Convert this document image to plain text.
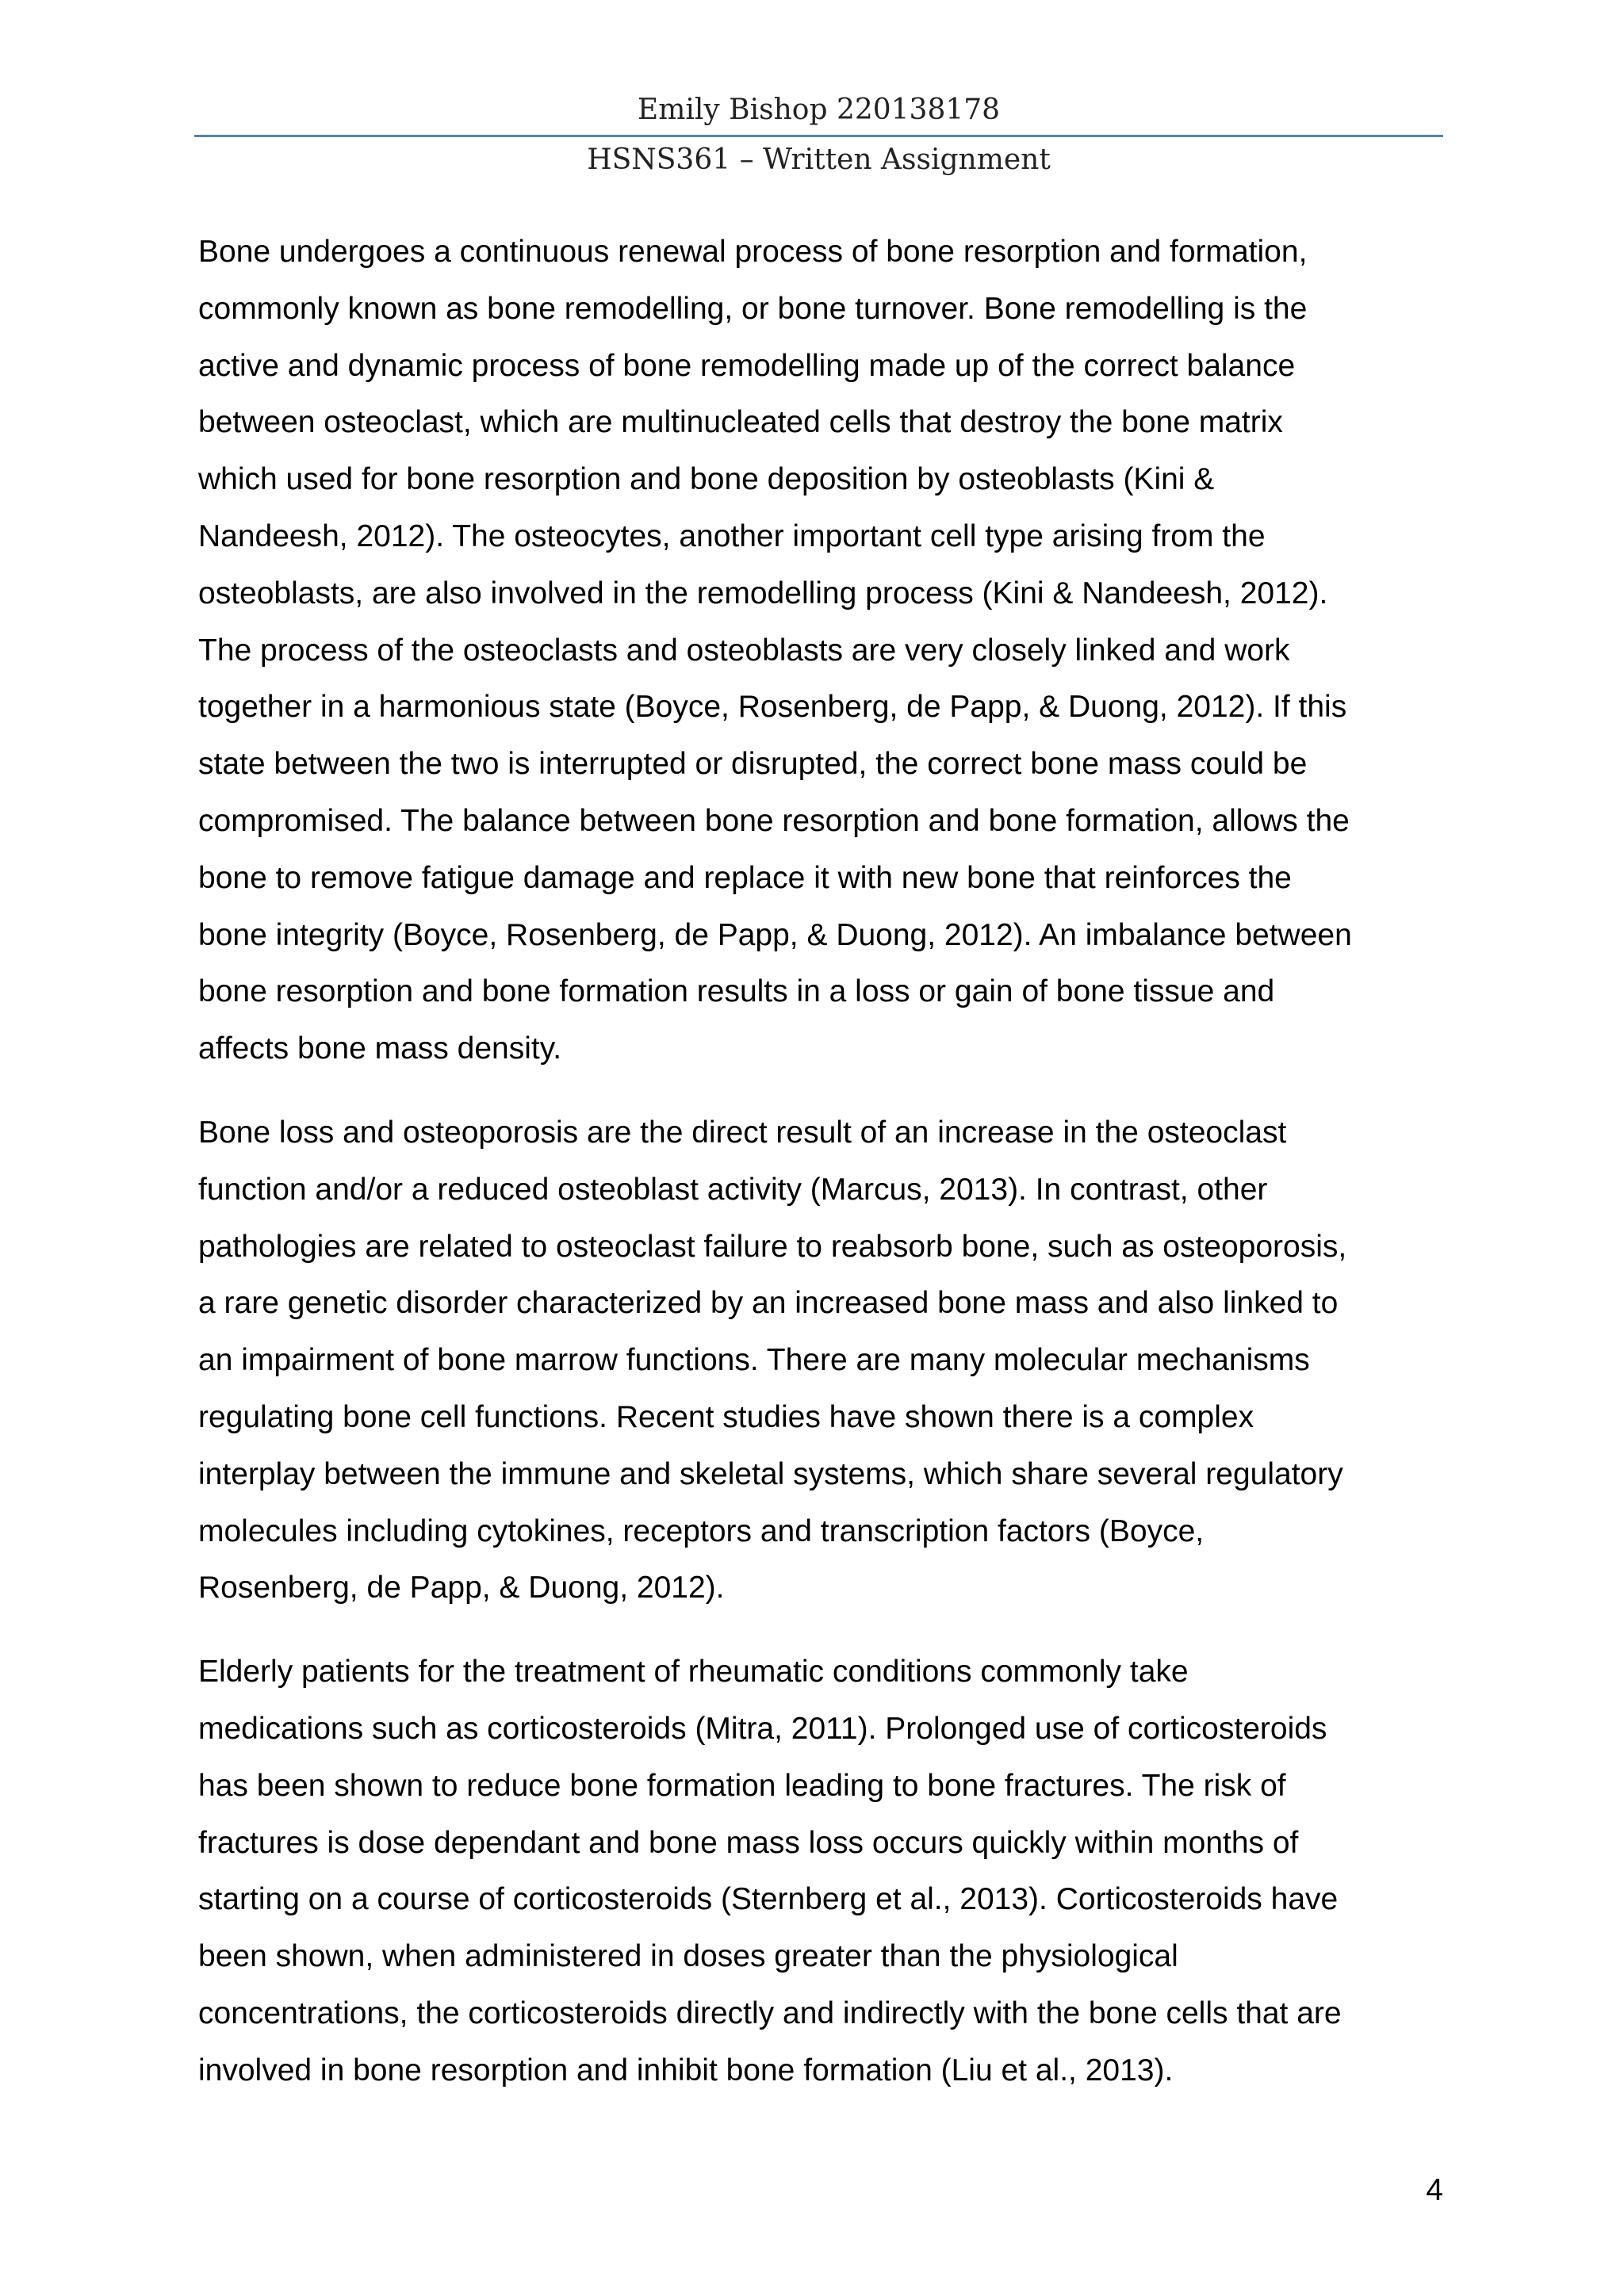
Emily Bishop 220138178
HSNS361 – Written Assignment

Bone undergoes a continuous renewal process of bone resorption and formation,
commonly known as bone remodelling, or bone turnover. Bone remodelling is the
active and dynamic process of bone remodelling made up of the correct balance
between osteoclast, which are multinucleated cells that destroy the bone matrix
which used for bone resorption and bone deposition by osteoblasts (Kini &
Nandeesh, 2012). The osteocytes, another important cell type arising from the
osteoblasts, are also involved in the remodelling process (Kini & Nandeesh, 2012).
The process of the osteoclasts and osteoblasts are very closely linked and work
together in a harmonious state (Boyce, Rosenberg, de Papp, & Duong, 2012). If this
state between the two is interrupted or disrupted, the correct bone mass could be
compromised. The balance between bone resorption and bone formation, allows the
bone to remove fatigue damage and replace it with new bone that reinforces the
bone integrity (Boyce, Rosenberg, de Papp, & Duong, 2012). An imbalance between
bone resorption and bone formation results in a loss or gain of bone tissue and
affects bone mass density.

Bone loss and osteoporosis are the direct result of an increase in the osteoclast
function and/or a reduced osteoblast activity (Marcus, 2013). In contrast, other
pathologies are related to osteoclast failure to reabsorb bone, such as osteoporosis,
a rare genetic disorder characterized by an increased bone mass and also linked to
an impairment of bone marrow functions. There are many molecular mechanisms
regulating bone cell functions. Recent studies have shown there is a complex
interplay between the immune and skeletal systems, which share several regulatory
molecules including cytokines, receptors and transcription factors (Boyce,
Rosenberg, de Papp, & Duong, 2012).

Elderly patients for the treatment of rheumatic conditions commonly take
medications such as corticosteroids (Mitra, 2011). Prolonged use of corticosteroids
has been shown to reduce bone formation leading to bone fractures. The risk of
fractures is dose dependant and bone mass loss occurs quickly within months of
starting on a course of corticosteroids (Sternberg et al., 2013). Corticosteroids have
been shown, when administered in doses greater than the physiological
concentrations, the corticosteroids directly and indirectly with the bone cells that are
involved in bone resorption and inhibit bone formation (Liu et al., 2013).

4
